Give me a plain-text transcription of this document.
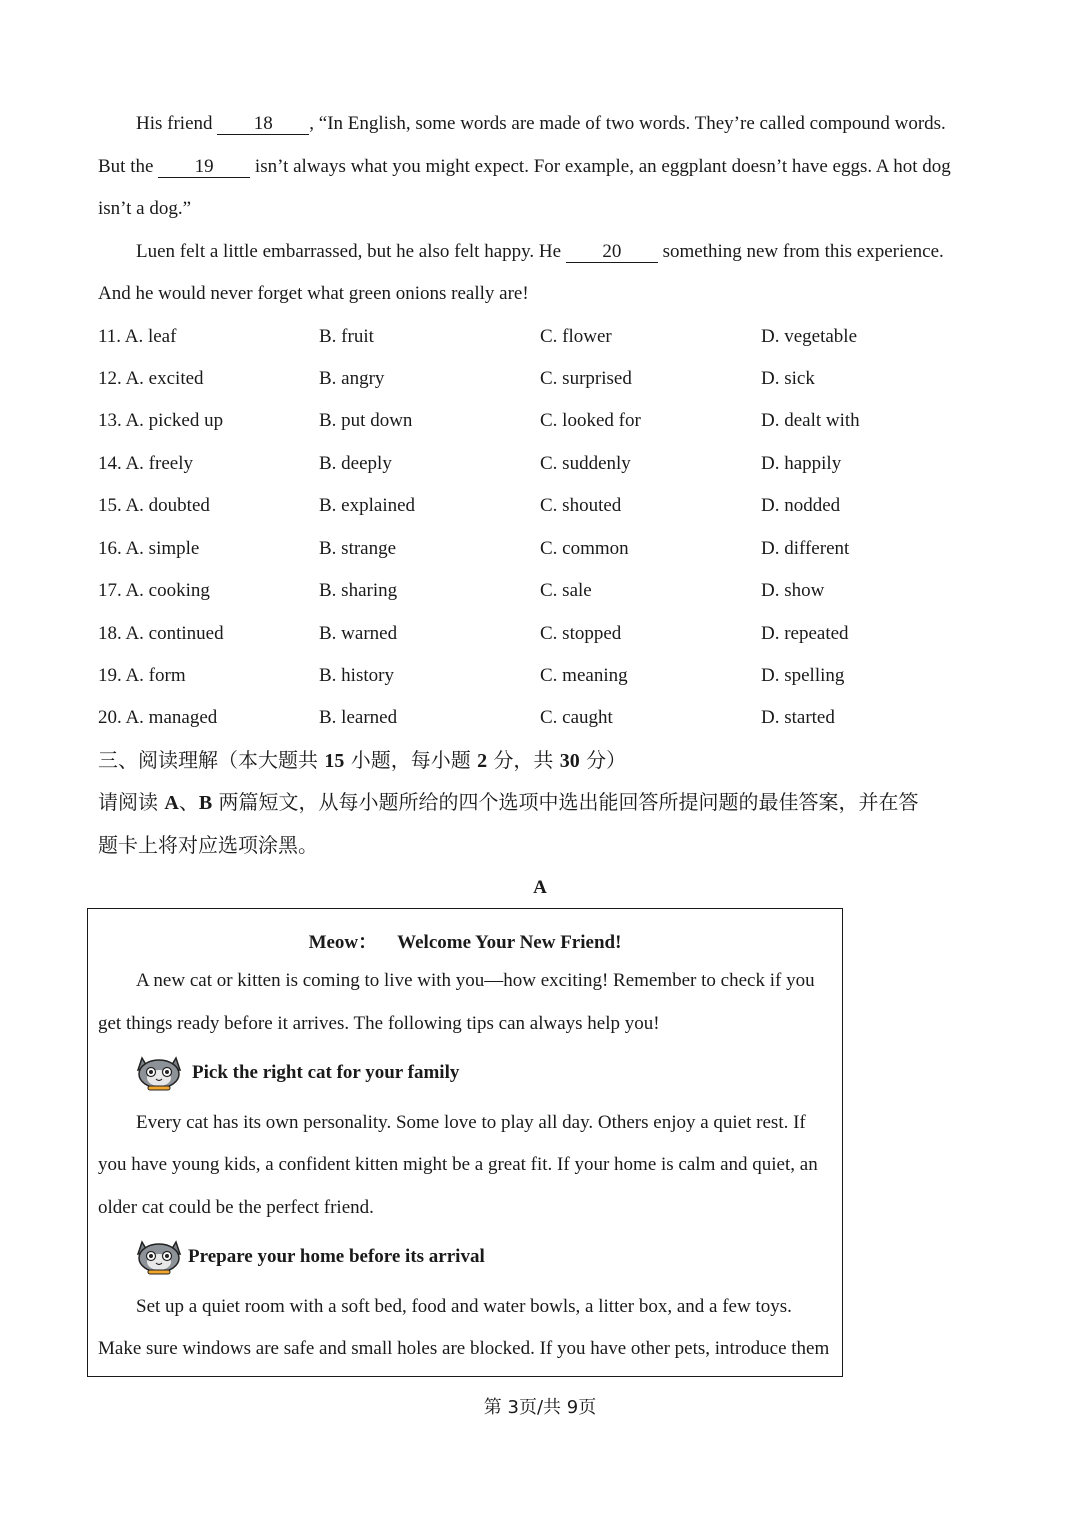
His friend 18 , “In English, some words are made of two words. They’re called compound words.
But the 19 isn’t always what you might expect. For example, an eggplant doesn’t have eggs. A hot dog
isn’t a dog.”
Luen felt a little embarrassed, but he also felt happy. He 20 something new from this experience.
And he would never forget what green onions really are!
11. A. leaf	B. fruit	C. flower	D. vegetable
12. A. excited	B. angry	C. surprised	D. sick
13. A. picked up	B. put down	C. looked for	D. dealt with
14. A. freely	B. deeply	C. suddenly	D. happily
15. A. doubted	B. explained	C. shouted	D. nodded
16. A. simple	B. strange	C. common	D. different
17. A. cooking	B. sharing	C. sale	D. show
18. A. continued	B. warned	C. stopped	D. repeated
19. A. form	B. history	C. meaning	D. spelling
20. A. managed	B. learned	C. caught	D. started
三、阅读理解（本大题共 15 小题，每小题 2 分，共 30 分）
请阅读 A、B 两篇短文，从每小题所给的四个选项中选出能回答所提问题的最佳答案，并在答
题卡上将对应选项涂黑。
A
Meow： Welcome Your New Friend!
A new cat or kitten is coming to live with you—how exciting! Remember to check if you
get things ready before it arrives. The following tips can always help you!
Pick the right cat for your family
Every cat has its own personality. Some love to play all day. Others enjoy a quiet rest. If
you have young kids, a confident kitten might be a great fit. If your home is calm and quiet, an
older cat could be the perfect friend.
Prepare your home before its arrival
Set up a quiet room with a soft bed, food and water bowls, a litter box, and a few toys.
Make sure windows are safe and small holes are blocked. If you have other pets, introduce them
第 3页/共 9页
